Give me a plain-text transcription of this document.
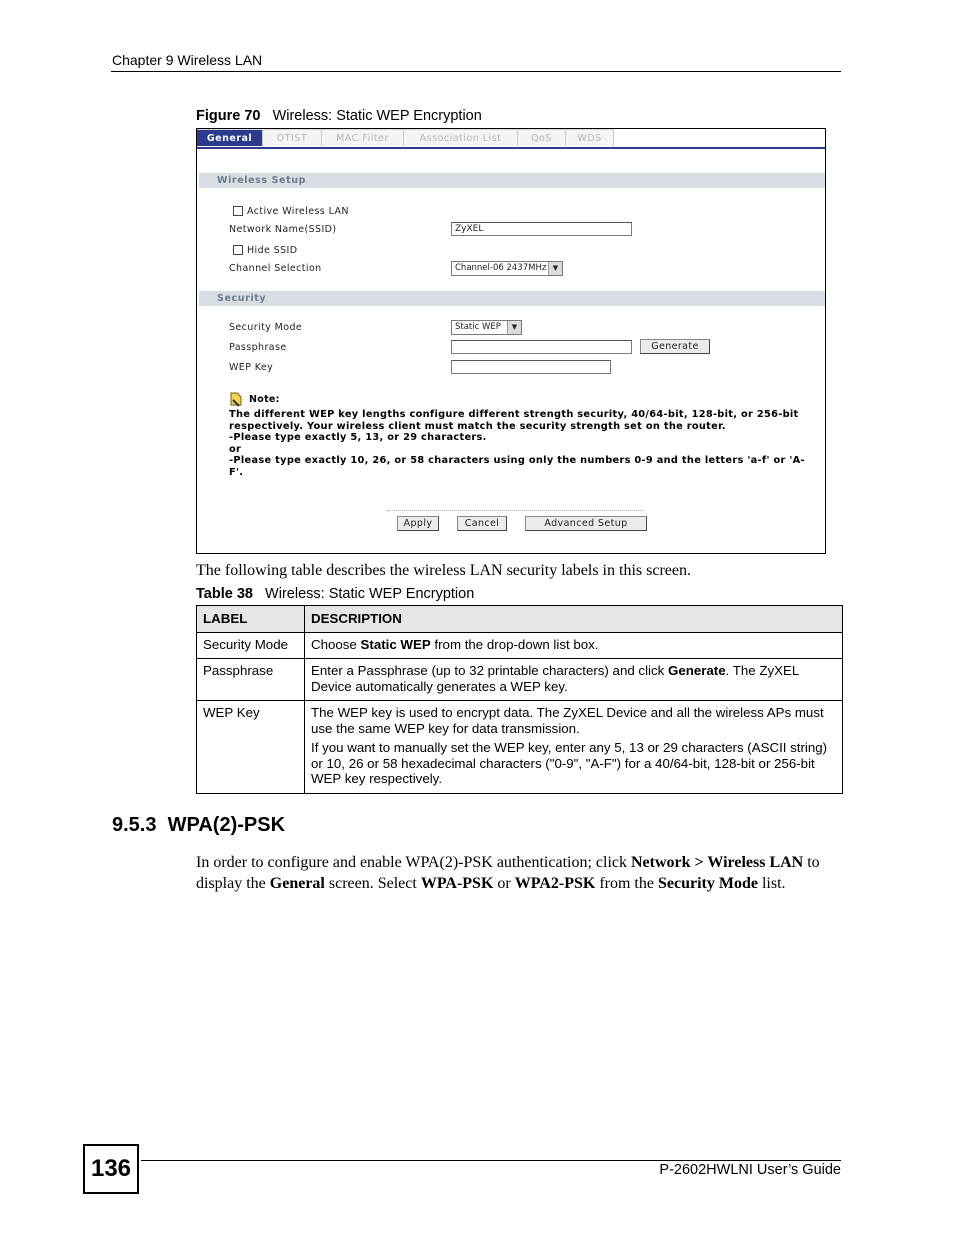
Chapter 9 Wireless LAN
Figure 70 Wireless: Static WEP Encryption
General	OTIST	MAC Filter	Association List	QoS	WDS
Wireless Setup
Active Wireless LAN
Network Name(SSID)	ZyXEL
Hide SSID
Channel Selection	Channel-06 2437MHz ▼
Security
Security Mode	Static WEP	▼
Passphrase	Generate
WEP Key
Note:
The different WEP key lengths configure different strength security, 40/64-bit, 128-bit, or 256-bit
respectively. Your wireless client must match the security strength set on the router.
-Please type exactly 5, 13, or 29 characters.
or
-Please type exactly 10, 26, or 58 characters using only the numbers 0-9 and the letters 'a-f' or 'A-
F'.
Apply	Cancel	Advanced Setup
The following table describes the wireless LAN security labels in this screen.
Table 38 Wireless: Static WEP Encryption
LABEL	DESCRIPTION
Security Mode	Choose Static WEP from the drop-down list box.
Passphrase	Enter a Passphrase (up to 32 printable characters) and click Generate. The ZyXEL Device automatically generates a WEP key.
WEP Key	The WEP key is used to encrypt data. The ZyXEL Device and all the wireless APs must use the same WEP key for data transmission.

If you want to manually set the WEP key, enter any 5, 13 or 29 characters (ASCII string) or 10, 26 or 58 hexadecimal characters ("0-9", "A-F") for a 40/64-bit, 128-bit or 256-bit WEP key respectively.

9.5.3 WPA(2)-PSK
In order to configure and enable WPA(2)-PSK authentication; click Network > Wireless LAN to display the General screen. Select WPA-PSK or WPA2-PSK from the Security Mode list.
136	P-2602HWLNI User’s Guide
